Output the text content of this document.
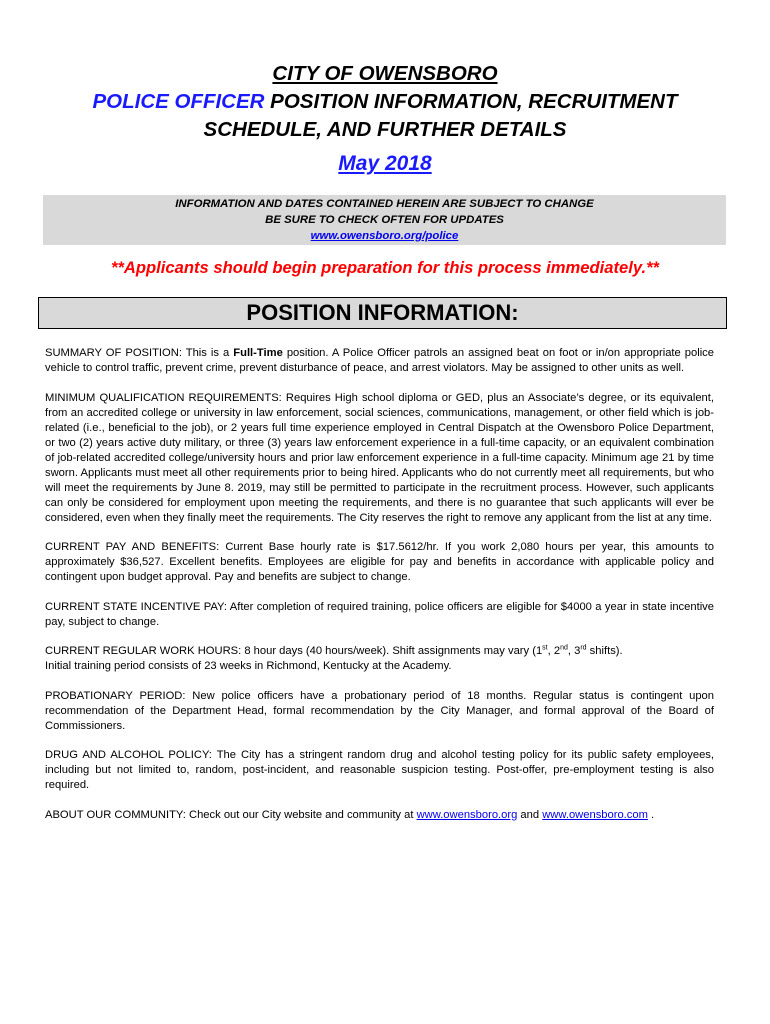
CITY OF OWENSBORO
POLICE OFFICER POSITION INFORMATION, RECRUITMENT
SCHEDULE, AND FURTHER DETAILS
May 2018
INFORMATION AND DATES CONTAINED HEREIN ARE SUBJECT TO CHANGE
BE SURE TO CHECK OFTEN FOR UPDATES
www.owensboro.org/police
**Applicants should begin preparation for this process immediately.**
POSITION INFORMATION:

SUMMARY OF POSITION: This is a Full-Time position. A Police Officer patrols an assigned beat on foot or in/on appropriate police vehicle to control traffic, prevent crime, prevent disturbance of peace, and arrest violators. May be assigned to other units as well.

MINIMUM QUALIFICATION REQUIREMENTS: Requires High school diploma or GED, plus an Associate’s degree, or its equivalent, from an accredited college or university in law enforcement, social sciences, communications, management, or other field which is job-related (i.e., beneficial to the job), or 2 years full time experience employed in Central Dispatch at the Owensboro Police Department, or two (2) years active duty military, or three (3) years law enforcement experience in a full-time capacity, or an equivalent combination of job-related accredited college/university hours and prior law enforcement experience in a full-time capacity. Minimum age 21 by time sworn. Applicants must meet all other requirements prior to being hired. Applicants who do not currently meet all requirements, but who will meet the requirements by June 8. 2019, may still be permitted to participate in the recruitment process. However, such applicants can only be considered for employment upon meeting the requirements, and there is no guarantee that such applicants will ever be considered, even when they finally meet the requirements. The City reserves the right to remove any applicant from the list at any time.

CURRENT PAY AND BENEFITS: Current Base hourly rate is $17.5612/hr. If you work 2,080 hours per year, this amounts to approximately $36,527. Excellent benefits. Employees are eligible for pay and benefits in accordance with applicable policy and contingent upon budget approval. Pay and benefits are subject to change.

CURRENT STATE INCENTIVE PAY: After completion of required training, police officers are eligible for $4000 a year in state incentive pay, subject to change.

CURRENT REGULAR WORK HOURS: 8 hour days (40 hours/week). Shift assignments may vary (1st, 2nd, 3rd shifts).
Initial training period consists of 23 weeks in Richmond, Kentucky at the Academy.

PROBATIONARY PERIOD: New police officers have a probationary period of 18 months. Regular status is contingent upon recommendation of the Department Head, formal recommendation by the City Manager, and formal approval of the Board of Commissioners.

DRUG AND ALCOHOL POLICY: The City has a stringent random drug and alcohol testing policy for its public safety employees, including but not limited to, random, post-incident, and reasonable suspicion testing. Post-offer, pre-employment testing is also required.

ABOUT OUR COMMUNITY: Check out our City website and community at www.owensboro.org and www.owensboro.com .
